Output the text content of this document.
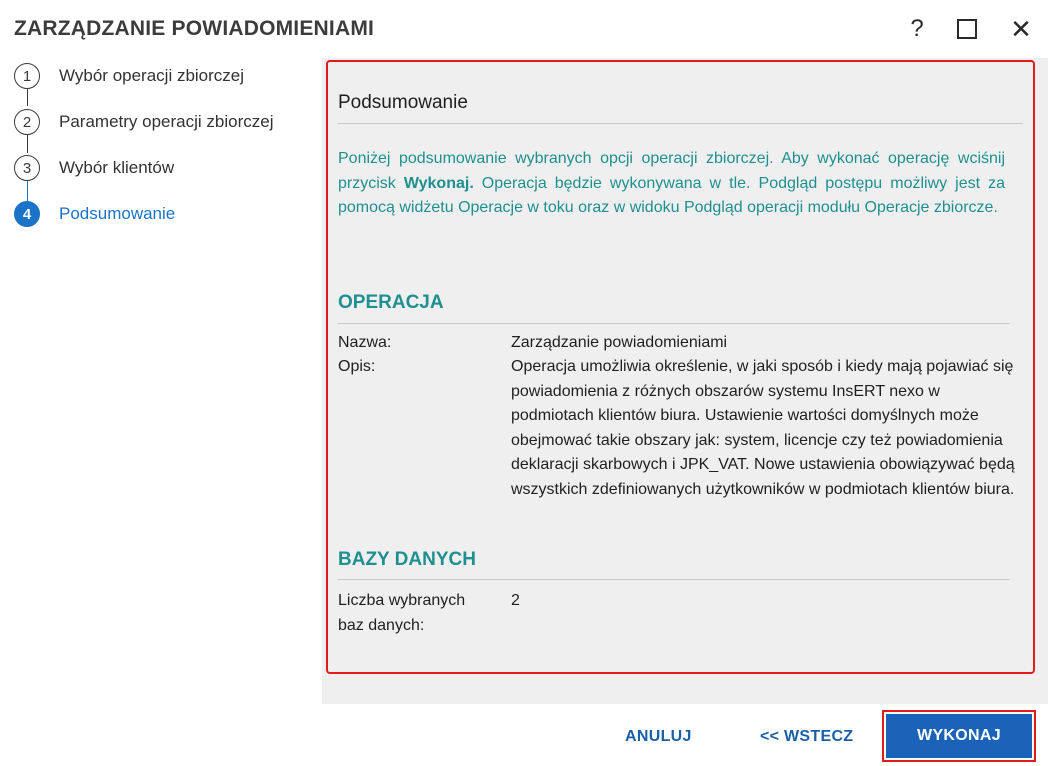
ZARZĄDZANIE POWIADOMIENIAMI	?	✕
1	Wybór operacji zbiorczej
2	Parametry operacji zbiorczej
3	Wybór klientów
4	Podsumowanie
Podsumowanie
Poniżej podsumowanie wybranych opcji operacji zbiorczej. Aby wykonać operację wciśnij przycisk Wykonaj. Operacja będzie wykonywana w tle. Podgląd postępu możliwy jest za pomocą widżetu Operacje w toku oraz w widoku Podgląd operacji modułu Operacje zbiorcze.
OPERACJA
Nazwa:	Zarządzanie powiadomieniami
Opis:	Operacja umożliwia określenie, w jaki sposób i kiedy mają pojawiać się powiadomienia z różnych obszarów systemu InsERT nexo w podmiotach klientów biura. Ustawienie wartości domyślnych może obejmować takie obszary jak: system, licencje czy też powiadomienia deklaracji skarbowych i JPK_VAT. Nowe ustawienia obowiązywać będą wszystkich zdefiniowanych użytkowników w podmiotach klientów biura.
BAZY DANYCH
Liczba wybranych baz danych:
2
ANULUJ	<< WSTECZ	WYKONAJ
